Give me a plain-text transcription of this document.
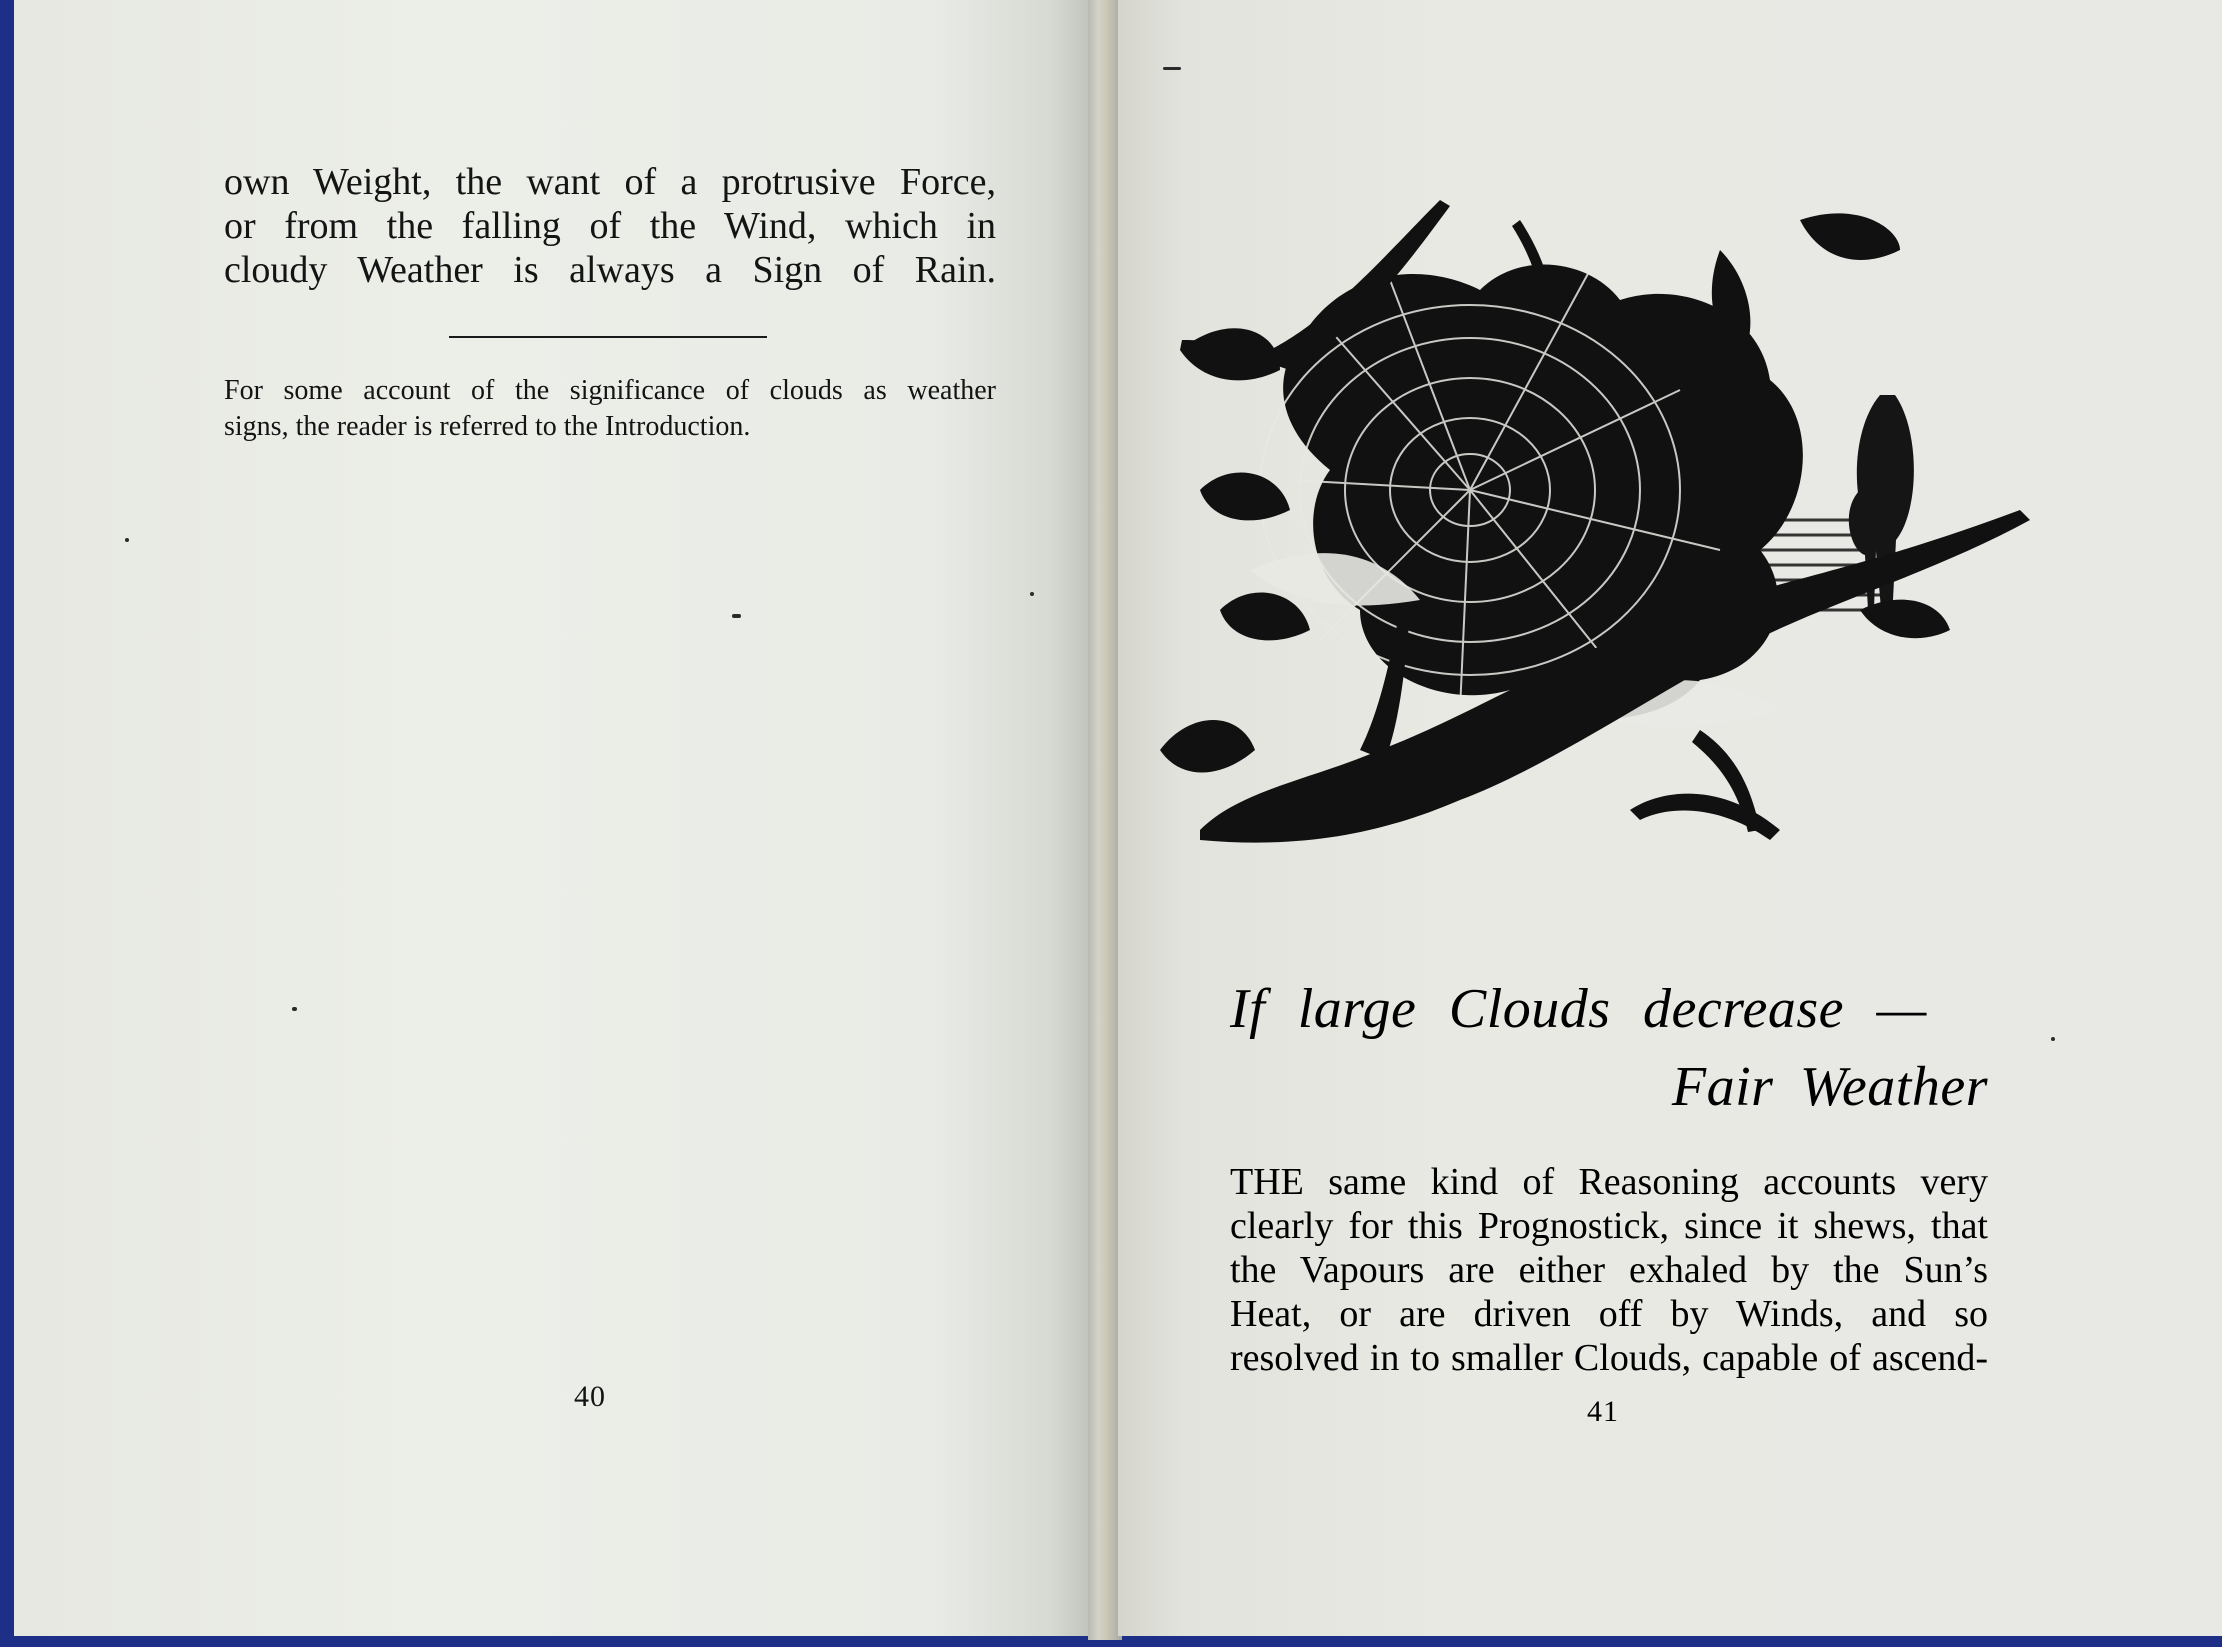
own Weight, the want of a protrusive Force,
or from the falling of the Wind, which in
cloudy Weather is always a Sign of Rain.
For some account of the significance of clouds as weather
signs, the reader is referred to the Introduction.
40
If large Clouds decrease —
Fair Weather
THE same kind of Reasoning accounts very
clearly for this Prognostick, since it shews, that
the Vapours are either exhaled by the Sun’s
Heat, or are driven off by Winds, and so
resolved in to smaller Clouds, capable of ascend-
41
